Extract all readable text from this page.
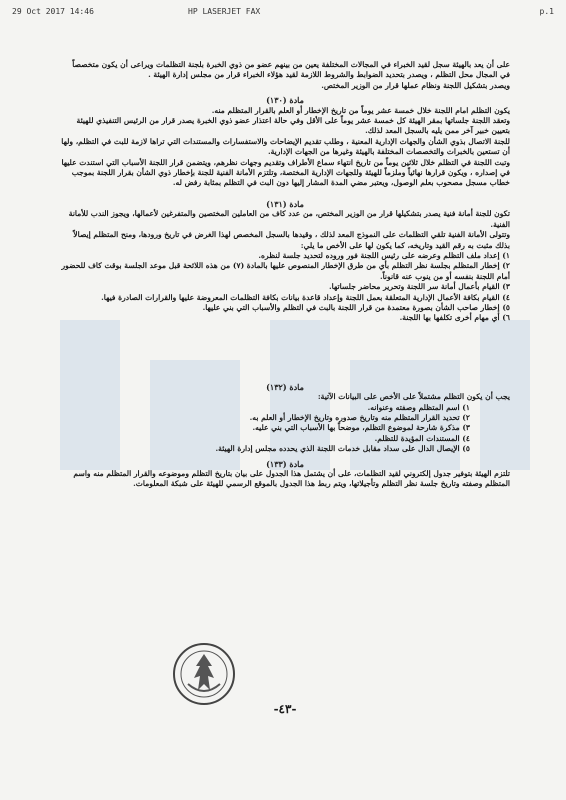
29 Oct 2017 14:46	HP LASERJET FAX	p.1

على أن يعد بالهيئة سجل لقيد الخبراء في المجالات المختلفة يعين من بينهم عضو من ذوي الخبرة بلجنة التظلمات ويراعى أن يكون متخصصاً في المجال محل التظلم ، ويصدر بتحديد الضوابط والشروط اللازمة لقيد هؤلاء الخبراء قرار من مجلس إدارة الهيئة .

ويصدر بتشكيل اللجنة ونظام عملها قرار من الوزير المختص.

مادة (١٣٠)

يكون التظلم امام اللجنة خلال خمسة عشر يوماً من تاريخ الإخطار أو العلم بالقرار المتظلم منه.

وتعقد اللجنة جلساتها بمقر الهيئة كل خمسة عشر يوماً على الأقل وفي حالة اعتذار عضو ذوي الخبرة يصدر قرار من الرئيس التنفيذي للهيئة بتعيين خبير آخر ممن يليه بالسجل المعد لذلك.

للجنة الاتصال بذوي الشأن والجهات الإدارية المعنية ، وطلب تقديم الإيضاحات والاستفسارات والمستندات التي تراها لازمة للبت في التظلم، ولها أن تستعين بالخبرات والتخصصات المختلفة بالهيئة وغيرها من الجهات الإدارية.

وتبت اللجنة في التظلم خلال ثلاثين يوماً من تاريخ انتهاء سماع الأطراف وتقديم وجهات نظرهم، ويتضمن قرار اللجنة الأسباب التي استندت عليها في إصداره ، ويكون قرارها نهائياً وملزماً للهيئة وللجهات الإدارية المختصة، وتلتزم الأمانة الفنية للجنة بإخطار ذوي الشأن بقرار اللجنة بموجب خطاب مسجل مصحوب بعلم الوصول، ويعتبر مضي المدة المشار إليها دون البت في التظلم بمثابة رفض له.

مادة (١٣١)

تكون للجنة أمانة فنية يصدر بتشكيلها قرار من الوزير المختص، من عدد كاف من العاملين المختصين والمتفرغين لأعمالها، ويجوز الندب للأمانة الفنية.

وتتولى الأمانة الفنية تلقي التظلمات على النموذج المعد لذلك ، وقيدها بالسجل المخصص لهذا الغرض في تاريخ ورودها، ومنح المتظلم إيصالاً بذلك مثبت به رقم القيد وتاريخه، كما يكون لها على الأخص ما يلي:

١) إعداد ملف التظلم وعرضه على رئيس اللجنة فور وروده لتحديد جلسة لنظره.
٢) إخطار المتظلم بجلسة نظر التظلم بأي من طرق الإخطار المنصوص عليها بالمادة (٧) من هذه اللائحة قبل موعد الجلسة بوقت كاف للحضور أمام اللجنة بنفسه أو من ينوب عنه قانوناً.
٣) القيام بأعمال أمانة سر اللجنة وتحرير محاضر جلساتها.
٤) القيام بكافة الأعمال الإدارية المتعلقة بعمل اللجنة وإعداد قاعدة بيانات بكافة التظلمات المعروضة عليها والقرارات الصادرة فيها.
٥) إخطار صاحب الشأن بصورة معتمدة من قرار اللجنة بالبت في التظلم والأسباب التي بني عليها.
٦) أي مهام أخرى تكلفها بها اللجنة.

مادة (١٣٢)

يجب أن يكون التظلم مشتملاً على الأخص على البيانات الآتية:

١) اسم المتظلم وصفته وعنوانه.
٢) تحديد القرار المتظلم منه وتاريخ صدوره وتاريخ الإخطار أو العلم به.
٣) مذكرة شارحة لموضوع التظلم، موضحاً بها الأسباب التي بني عليه.
٤) المستندات المؤيدة للتظلم.
٥) الإيصال الدال على سداد مقابل خدمات اللجنة الذي يحدده مجلس إدارة الهيئة.

مادة (١٣٣)

تلتزم الهيئة بتوفير جدول إلكتروني لقيد التظلمات، على أن يشتمل هذا الجدول على بيان بتاريخ التظلم وموضوعه والقرار المتظلم منه واسم المتظلم وصفته وتاريخ جلسة نظر التظلم وتأجيلاتها، ويتم ربط هذا الجدول بالموقع الرسمي للهيئة على شبكة المعلومات.

-٤٣-
